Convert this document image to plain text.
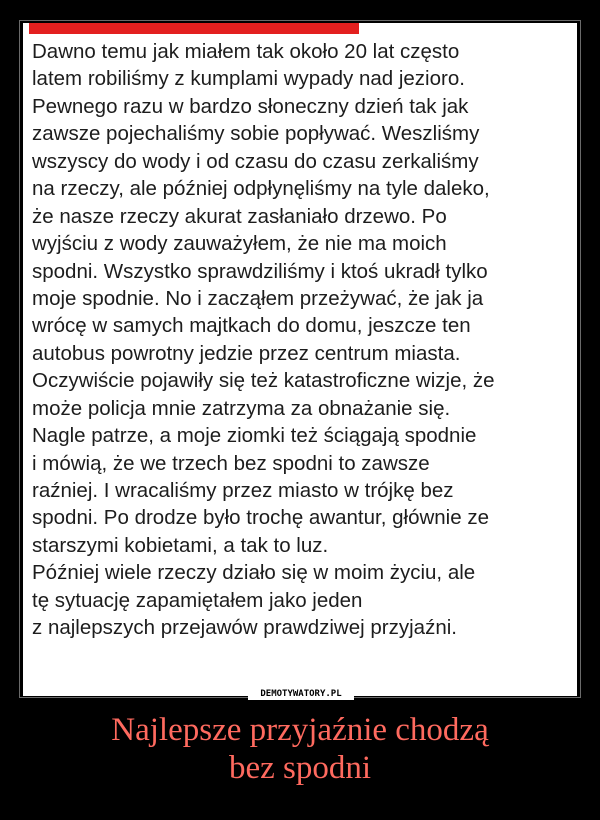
Dawno temu jak miałem tak około 20 lat często
latem robiliśmy z kumplami wypady nad jezioro.
Pewnego razu w bardzo słoneczny dzień tak jak
zawsze pojechaliśmy sobie popływać. Weszliśmy
wszyscy do wody i od czasu do czasu zerkaliśmy
na rzeczy, ale później odpłynęliśmy na tyle daleko,
że nasze rzeczy akurat zasłaniało drzewo. Po
wyjściu z wody zauważyłem, że nie ma moich
spodni. Wszystko sprawdziliśmy i ktoś ukradł tylko
moje spodnie. No i zacząłem przeżywać, że jak ja
wrócę w samych majtkach do domu, jeszcze ten
autobus powrotny jedzie przez centrum miasta.
Oczywiście pojawiły się też katastroficzne wizje, że
może policja mnie zatrzyma za obnażanie się.
Nagle patrze, a moje ziomki też ściągają spodnie
i mówią, że we trzech bez spodni to zawsze
raźniej. I wracaliśmy przez miasto w trójkę bez
spodni. Po drodze było trochę awantur, głównie ze
starszymi kobietami, a tak to luz.
Później wiele rzeczy działo się w moim życiu, ale
tę sytuację zapamiętałem jako jeden
z najlepszych przejawów prawdziwej przyjaźni.
DEMOTYWATORY.PL
Najlepsze przyjaźnie chodzą
bez spodni
